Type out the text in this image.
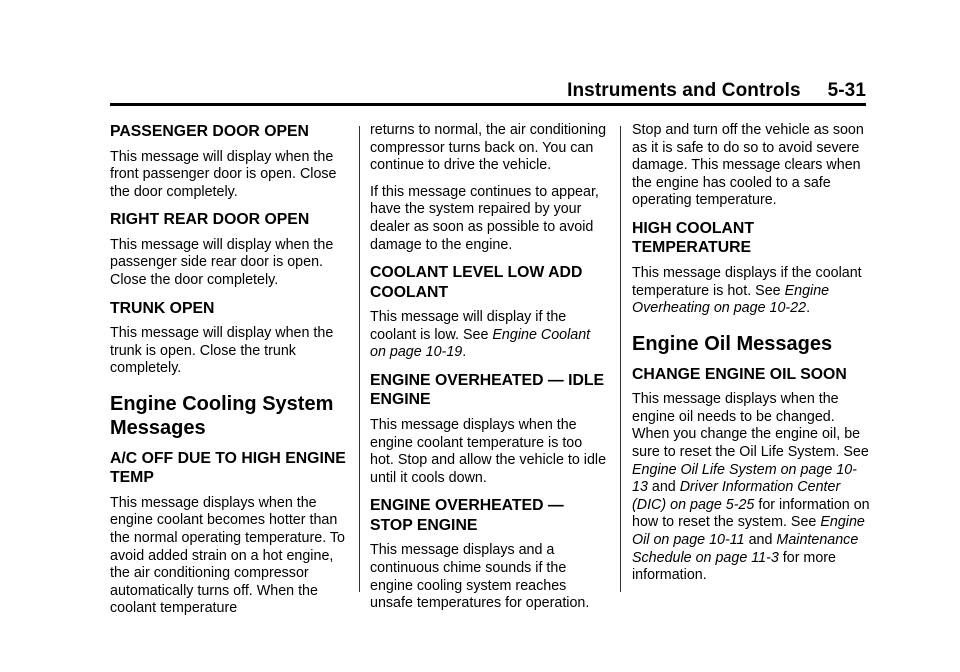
Instruments and Controls     5-31
PASSENGER DOOR OPEN

This message will display when the front passenger door is open. Close the door completely.

RIGHT REAR DOOR OPEN

This message will display when the passenger side rear door is open. Close the door completely.

TRUNK OPEN

This message will display when the trunk is open. Close the trunk completely.

Engine Cooling System Messages
A/C OFF DUE TO HIGH ENGINE TEMP

This message displays when the engine coolant becomes hotter than the normal operating temperature. To avoid added strain on a hot engine, the air conditioning compressor automatically turns off. When the coolant temperature

returns to normal, the air conditioning compressor turns back on. You can continue to drive the vehicle.

If this message continues to appear, have the system repaired by your dealer as soon as possible to avoid damage to the engine.

COOLANT LEVEL LOW ADD COOLANT

This message will display if the coolant is low. See Engine Coolant on page 10-19.

ENGINE OVERHEATED — IDLE ENGINE

This message displays when the engine coolant temperature is too hot. Stop and allow the vehicle to idle until it cools down.

ENGINE OVERHEATED — STOP ENGINE

This message displays and a continuous chime sounds if the engine cooling system reaches unsafe temperatures for operation.

Stop and turn off the vehicle as soon as it is safe to do so to avoid severe damage. This message clears when the engine has cooled to a safe operating temperature.

HIGH COOLANT TEMPERATURE

This message displays if the coolant temperature is hot. See Engine Overheating on page 10-22.

Engine Oil Messages
CHANGE ENGINE OIL SOON

This message displays when the engine oil needs to be changed. When you change the engine oil, be sure to reset the Oil Life System. See Engine Oil Life System on page 10-13 and Driver Information Center (DIC) on page 5-25 for information on how to reset the system. See Engine Oil on page 10-11 and Maintenance Schedule on page 11-3 for more information.
